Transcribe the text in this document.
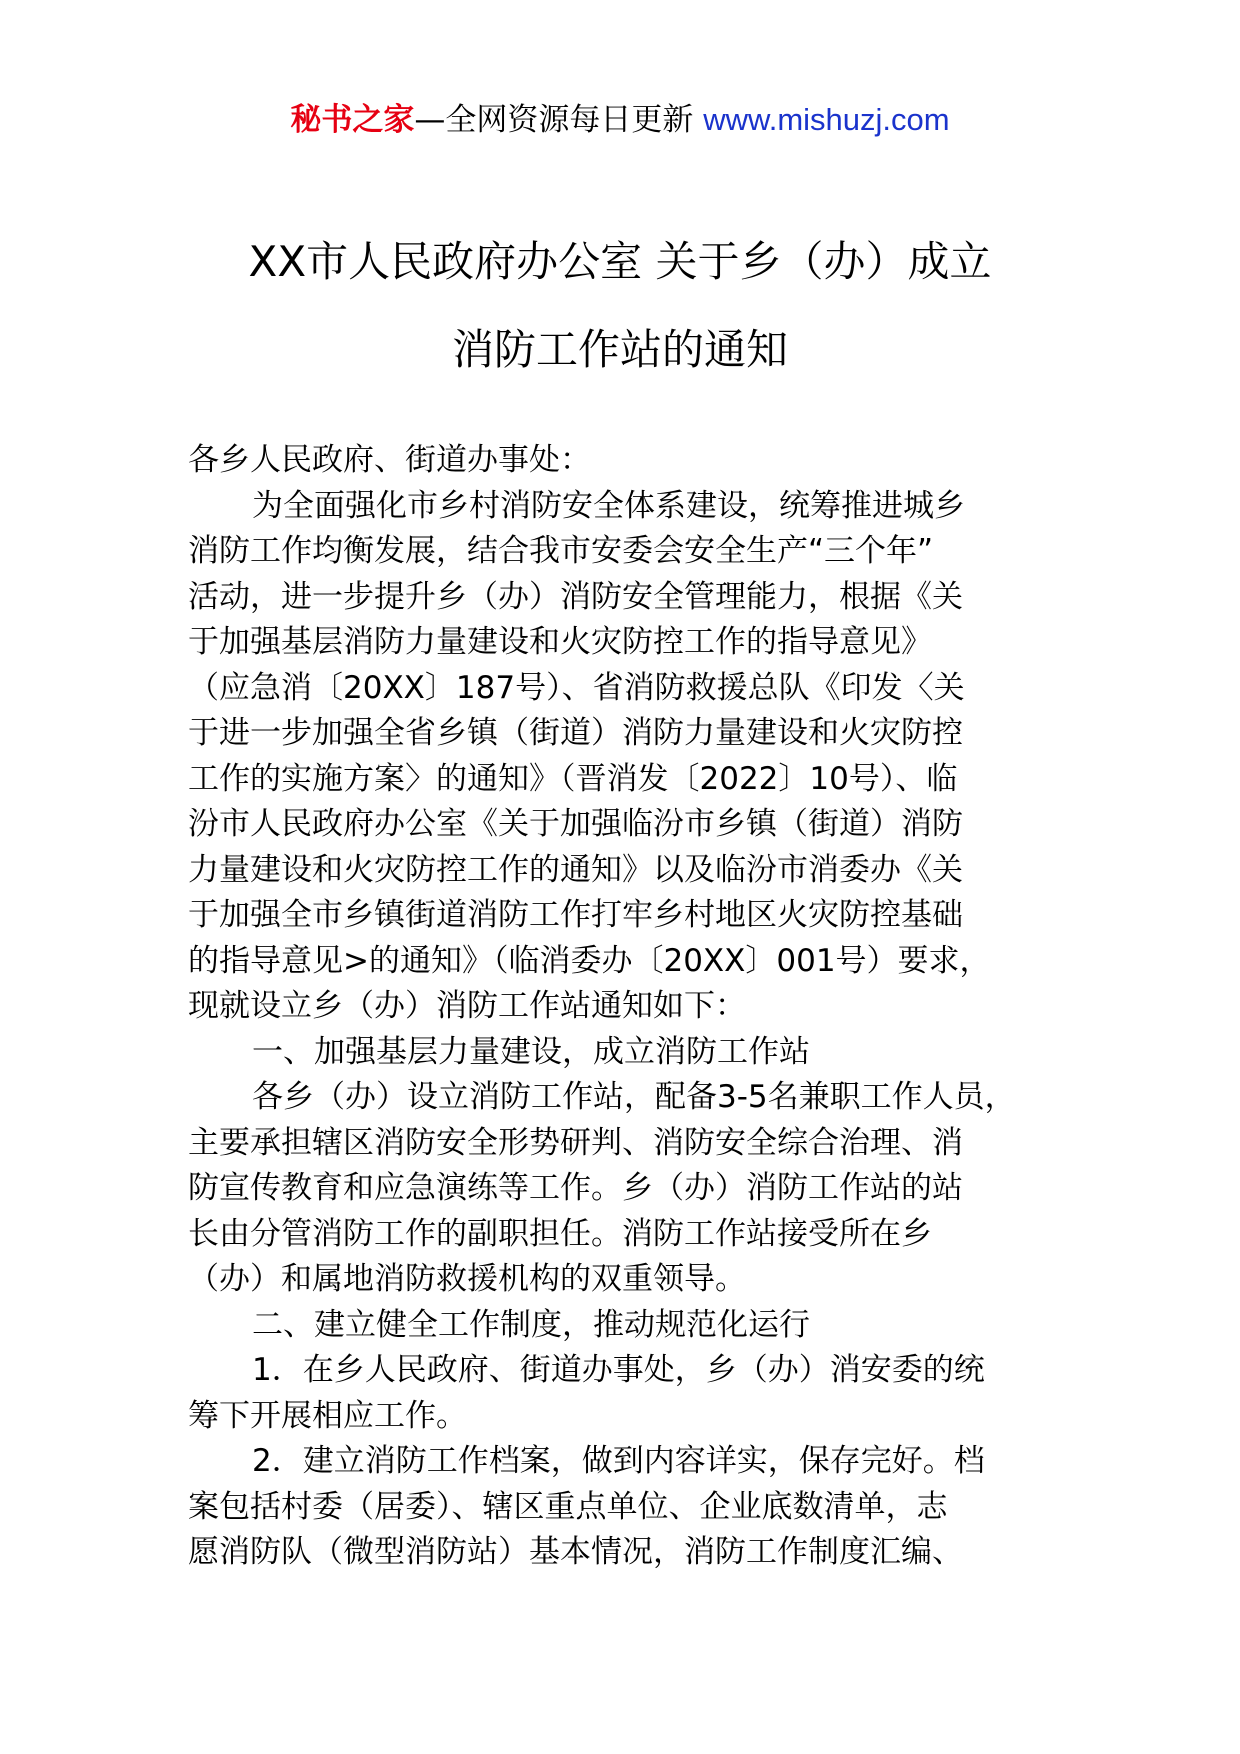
秘书之家—全网资源每日更新 www.mishuzj.com
XX市人民政府办公室 关于乡（办）成立
消防工作站的通知
各乡人民政府、街道办事处：
为全面强化市乡村消防安全体系建设，统筹推进城乡
消防工作均衡发展，结合我市安委会安全生产“三个年”
活动，进一步提升乡（办）消防安全管理能力，根据《关
于加强基层消防力量建设和火灾防控工作的指导意见》
（应急消〔20XX〕187号）、省消防救援总队《印发〈关
于进一步加强全省乡镇（街道）消防力量建设和火灾防控
工作的实施方案〉的通知》（晋消发〔2022〕10号）、临
汾市人民政府办公室《关于加强临汾市乡镇（街道）消防
力量建设和火灾防控工作的通知》以及临汾市消委办《关
于加强全市乡镇街道消防工作打牢乡村地区火灾防控基础
的指导意见>的通知》（临消委办〔20XX〕001号）要求，
现就设立乡（办）消防工作站通知如下：
一、加强基层力量建设，成立消防工作站
各乡（办）设立消防工作站，配备3-5名兼职工作人员，
主要承担辖区消防安全形势研判、消防安全综合治理、消
防宣传教育和应急演练等工作。乡（办）消防工作站的站
长由分管消防工作的副职担任。消防工作站接受所在乡
（办）和属地消防救援机构的双重领导。
二、建立健全工作制度，推动规范化运行
1．在乡人民政府、街道办事处，乡（办）消安委的统
筹下开展相应工作。
2．建立消防工作档案，做到内容详实，保存完好。档
案包括村委（居委）、辖区重点单位、企业底数清单，志
愿消防队（微型消防站）基本情况，消防工作制度汇编、
